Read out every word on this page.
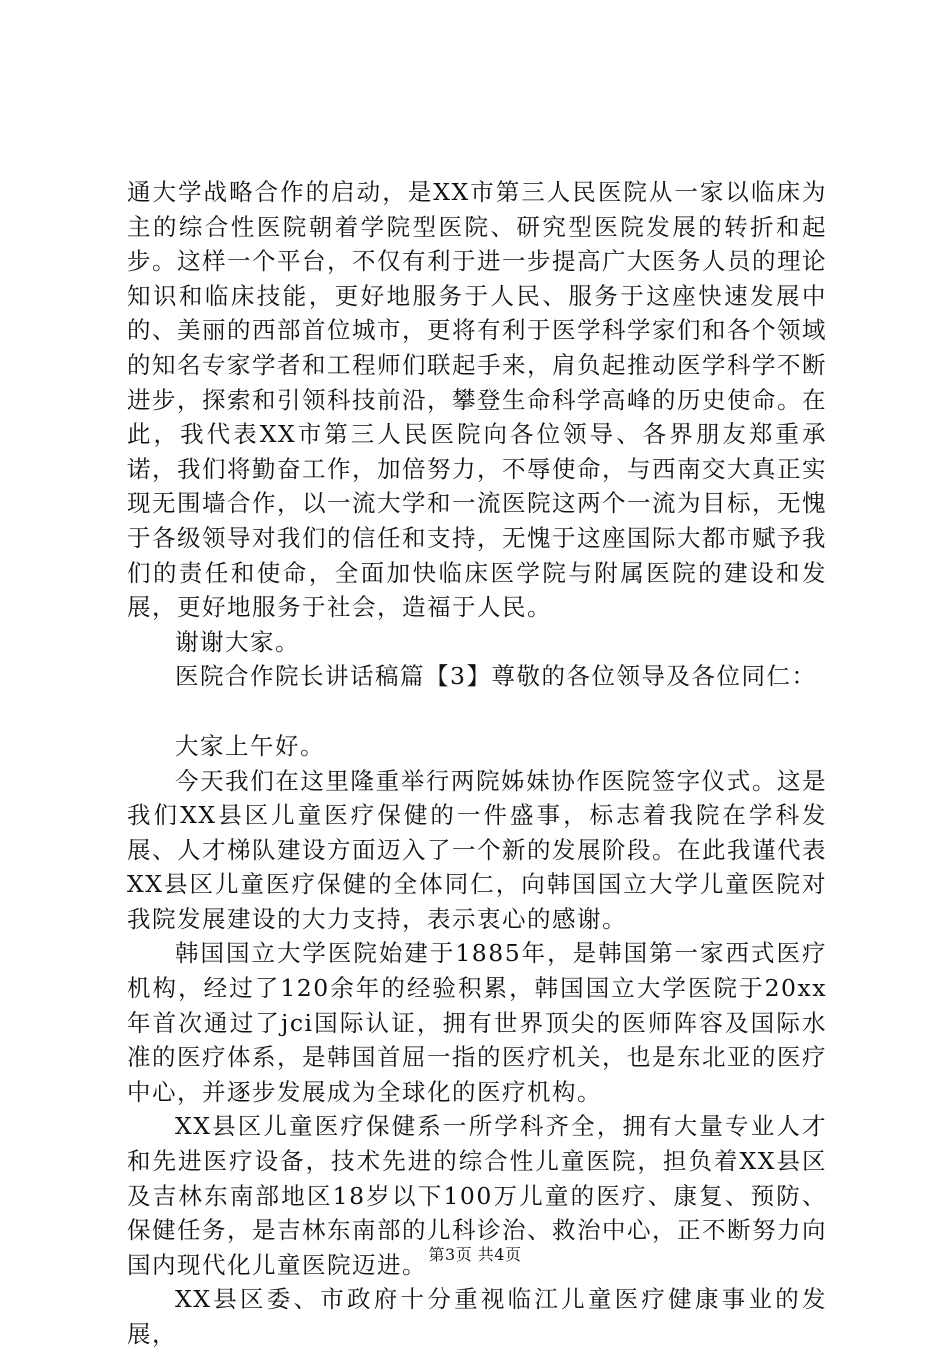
通大学战略合作的启动，是XX市第三人民医院从一家以临床为主的综合性医院朝着学院型医院、研究型医院发展的转折和起步。这样一个平台，不仅有利于进一步提高广大医务人员的理论知识和临床技能，更好地服务于人民、服务于这座快速发展中的、美丽的西部首位城市，更将有利于医学科学家们和各个领域的知名专家学者和工程师们联起手来，肩负起推动医学科学不断进步，探索和引领科技前沿，攀登生命科学高峰的历史使命。在此，我代表XX市第三人民医院向各位领导、各界朋友郑重承诺，我们将勤奋工作，加倍努力，不辱使命，与西南交大真正实现无围墙合作，以一流大学和一流医院这两个一流为目标，无愧于各级领导对我们的信任和支持，无愧于这座国际大都市赋予我们的责任和使命，全面加快临床医学院与附属医院的建设和发展，更好地服务于社会，造福于人民。

谢谢大家。

医院合作院长讲话稿篇【3】尊敬的各位领导及各位同仁：

大家上午好。

今天我们在这里隆重举行两院姊妹协作医院签字仪式。这是我们XX县区儿童医疗保健的一件盛事，标志着我院在学科发展、人才梯队建设方面迈入了一个新的发展阶段。在此我谨代表XX县区儿童医疗保健的全体同仁，向韩国国立大学儿童医院对我院发展建设的大力支持，表示衷心的感谢。

韩国国立大学医院始建于1885年，是韩国第一家西式医疗机构，经过了120余年的经验积累，韩国国立大学医院于20xx年首次通过了jci国际认证，拥有世界顶尖的医师阵容及国际水准的医疗体系，是韩国首屈一指的医疗机关，也是东北亚的医疗中心，并逐步发展成为全球化的医疗机构。

XX县区儿童医疗保健系一所学科齐全，拥有大量专业人才和先进医疗设备，技术先进的综合性儿童医院，担负着XX县区及吉林东南部地区18岁以下100万儿童的医疗、康复、预防、保健任务，是吉林东南部的儿科诊治、救治中心，正不断努力向国内现代化儿童医院迈进。

XX县区委、市政府十分重视临江儿童医疗健康事业的发展，

第3页 共4页
